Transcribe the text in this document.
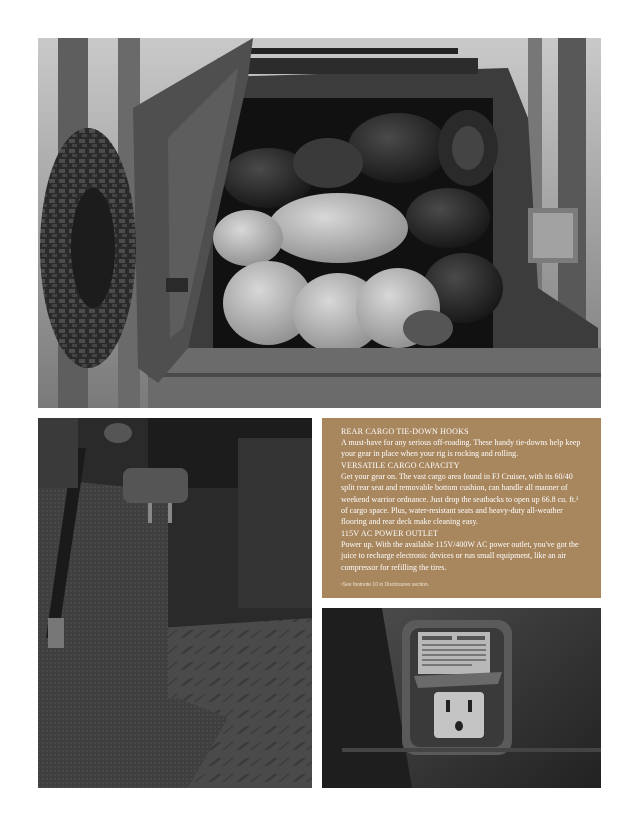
REAR CARGO TIE-DOWN HOOKS

A must-have for any serious off-roading. These handy tie-downs help keep your gear in place when your rig is rocking and rolling.

VERSATILE CARGO CAPACITY

Get your gear on. The vast cargo area found in FJ Cruiser, with its 60/40 split rear seat and removable bottom cushion, can handle all manner of weekend warrior ordnance. Just drop the seatbacks to open up 66.8 cu. ft.¹ of cargo space. Plus, water-resistant seats and heavy-duty all-weather flooring and rear deck make cleaning easy.

115V AC POWER OUTLET

Power up. With the available 115V/400W AC power outlet, you've got the juice to recharge electronic devices or run small equipment, like an air compressor for refilling the tires.

¹See footnote 10 in Disclosures section.
